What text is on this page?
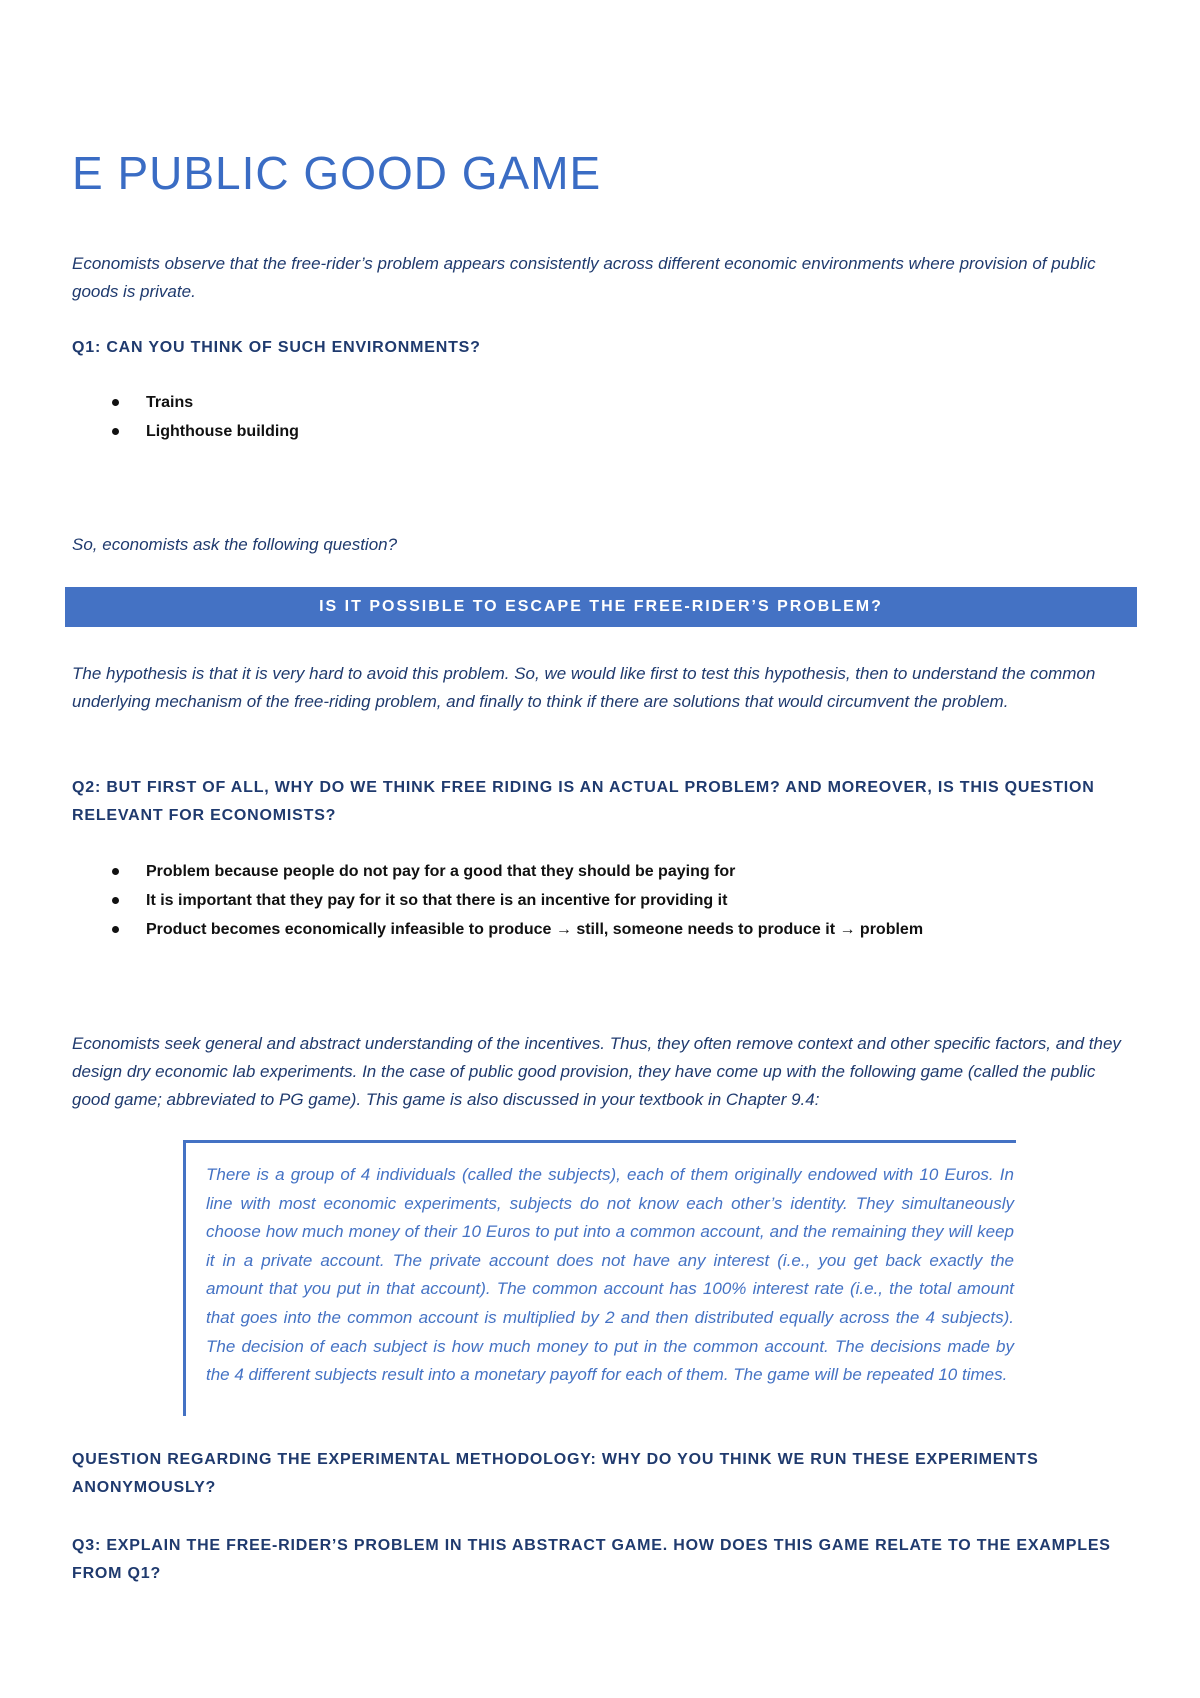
E PUBLIC GOOD GAME

Economists observe that the free-rider’s problem appears consistently across different economic environments where provision of public goods is private.

Q1: CAN YOU THINK OF SUCH ENVIRONMENTS?

Trains
Lighthouse building

So, economists ask the following question?

IS IT POSSIBLE TO ESCAPE THE FREE-RIDER’S PROBLEM?

The hypothesis is that it is very hard to avoid this problem. So, we would like first to test this hypothesis, then to understand the common underlying mechanism of the free-riding problem, and finally to think if there are solutions that would circumvent the problem.

Q2: BUT FIRST OF ALL, WHY DO WE THINK FREE RIDING IS AN ACTUAL PROBLEM? AND MOREOVER, IS THIS QUESTION RELEVANT FOR ECONOMISTS?

Problem because people do not pay for a good that they should be paying for
It is important that they pay for it so that there is an incentive for providing it
Product becomes economically infeasible to produce → still, someone needs to produce it → problem

Economists seek general and abstract understanding of the incentives. Thus, they often remove context and other specific factors, and they design dry economic lab experiments. In the case of public good provision, they have come up with the following game (called the public good game; abbreviated to PG game). This game is also discussed in your textbook in Chapter 9.4:

There is a group of 4 individuals (called the subjects), each of them originally endowed with 10 Euros. In line with most economic experiments, subjects do not know each other’s identity. They simultaneously choose how much money of their 10 Euros to put into a common account, and the remaining they will keep it in a private account. The private account does not have any interest (i.e., you get back exactly the amount that you put in that account). The common account has 100% interest rate (i.e., the total amount that goes into the common account is multiplied by 2 and then distributed equally across the 4 subjects). The decision of each subject is how much money to put in the common account. The decisions made by the 4 different subjects result into a monetary payoff for each of them. The game will be repeated 10 times.

QUESTION REGARDING THE EXPERIMENTAL METHODOLOGY: WHY DO YOU THINK WE RUN THESE EXPERIMENTS ANONYMOUSLY?

Q3: EXPLAIN THE FREE-RIDER’S PROBLEM IN THIS ABSTRACT GAME. HOW DOES THIS GAME RELATE TO THE EXAMPLES FROM Q1?
